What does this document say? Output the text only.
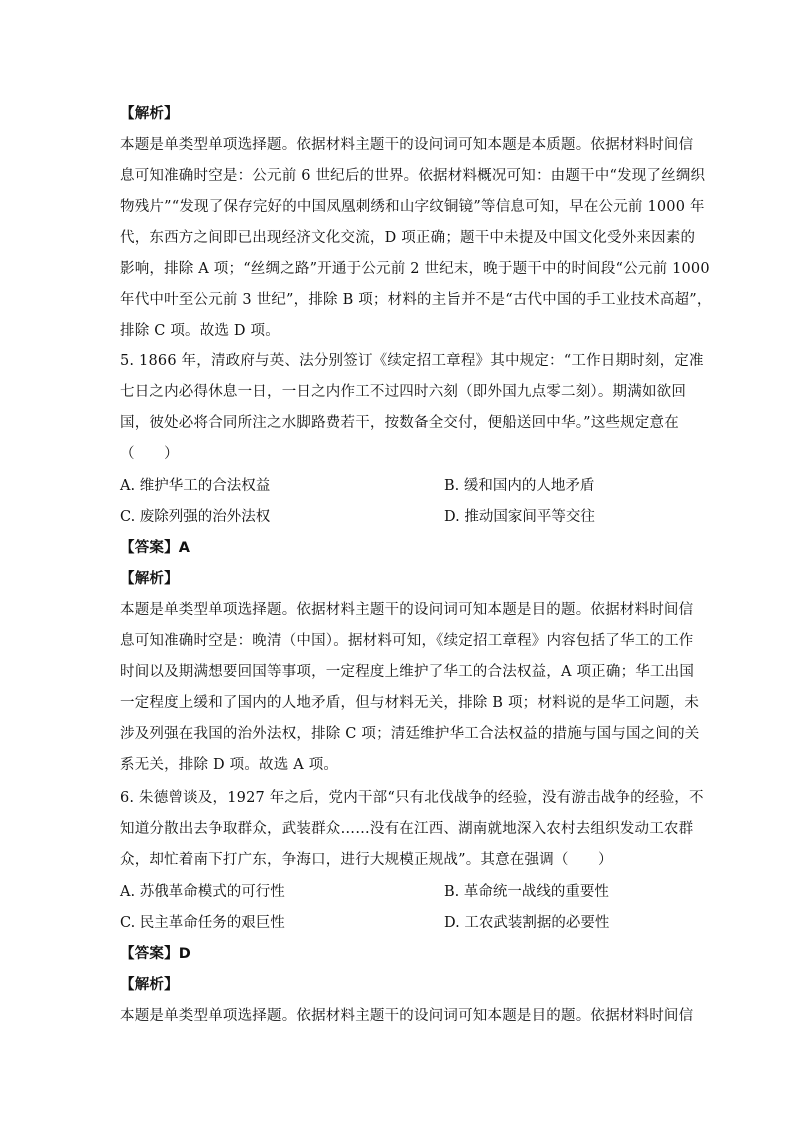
【解析】
本题是单类型单项选择题。依据材料主题干的设问词可知本题是本质题。依据材料时间信
息可知准确时空是：公元前 6 世纪后的世界。依据材料概况可知：由题干中“发现了丝绸织
物残片”“发现了保存完好的中国凤凰刺绣和山字纹铜镜”等信息可知，早在公元前 1000 年
代，东西方之间即已出现经济文化交流，D 项正确；题干中未提及中国文化受外来因素的
影响，排除 A 项；“丝绸之路”开通于公元前 2 世纪末，晚于题干中的时间段“公元前 1000
年代中叶至公元前 3 世纪”，排除 B 项；材料的主旨并不是“古代中国的手工业技术高超”，
排除 C 项。故选 D 项。
5. 1866 年，清政府与英、法分别签订《续定招工章程》其中规定：“工作日期时刻，定准
七日之内必得休息一日，一日之内作工不过四时六刻（即外国九点零二刻）。期满如欲回
国，彼处必将合同所注之水脚路费若干，按数备全交付，便船送回中华。”这些规定意在
（　　）
A. 维护华工的合法权益	B. 缓和国内的人地矛盾
C. 废除列强的治外法权	D. 推动国家间平等交往
【答案】A
【解析】
本题是单类型单项选择题。依据材料主题干的设问词可知本题是目的题。依据材料时间信
息可知准确时空是：晚清（中国）。据材料可知，《续定招工章程》内容包括了华工的工作
时间以及期满想要回国等事项，一定程度上维护了华工的合法权益，A 项正确；华工出国
一定程度上缓和了国内的人地矛盾，但与材料无关，排除 B 项；材料说的是华工问题，未
涉及列强在我国的治外法权，排除 C 项；清廷维护华工合法权益的措施与国与国之间的关
系无关，排除 D 项。故选 A 项。
6. 朱德曾谈及，1927 年之后，党内干部“只有北伐战争的经验，没有游击战争的经验，不
知道分散出去争取群众，武装群众……没有在江西、湖南就地深入农村去组织发动工农群
众，却忙着南下打广东，争海口，进行大规模正规战”。其意在强调（　　）
A. 苏俄革命模式的可行性	B. 革命统一战线的重要性
C. 民主革命任务的艰巨性	D. 工农武装割据的必要性
【答案】D
【解析】
本题是单类型单项选择题。依据材料主题干的设问词可知本题是目的题。依据材料时间信
